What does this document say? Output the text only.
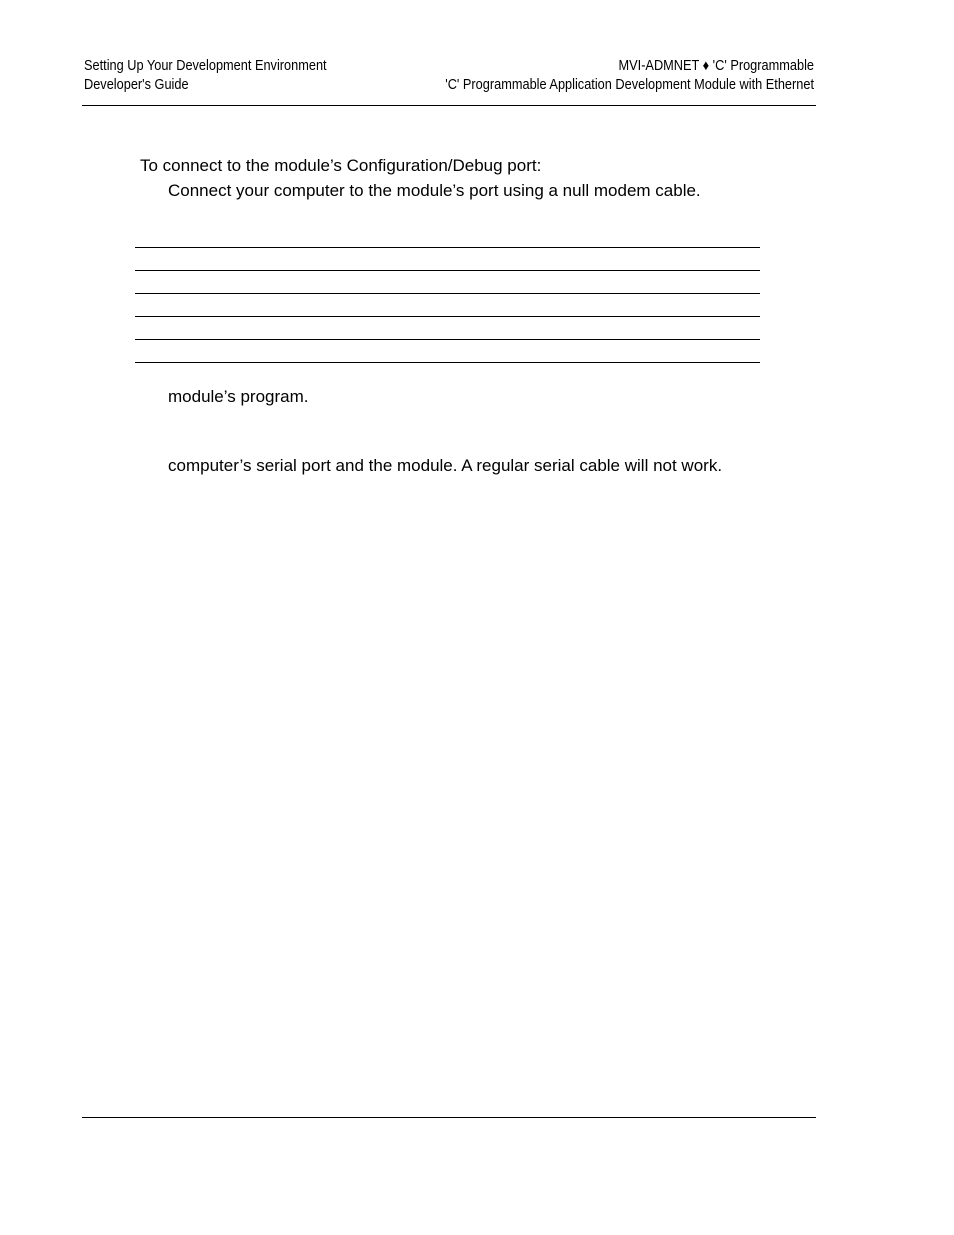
Setting Up Your Development Environment
Developer's Guide
MVI-ADMNET ♦ 'C' Programmable
'C' Programmable Application Development Module with Ethernet
To connect to the module’s Configuration/Debug port:
Connect your computer to the module’s port using a null modem cable.
module’s program.
computer’s serial port and the module. A regular serial cable will not work.
